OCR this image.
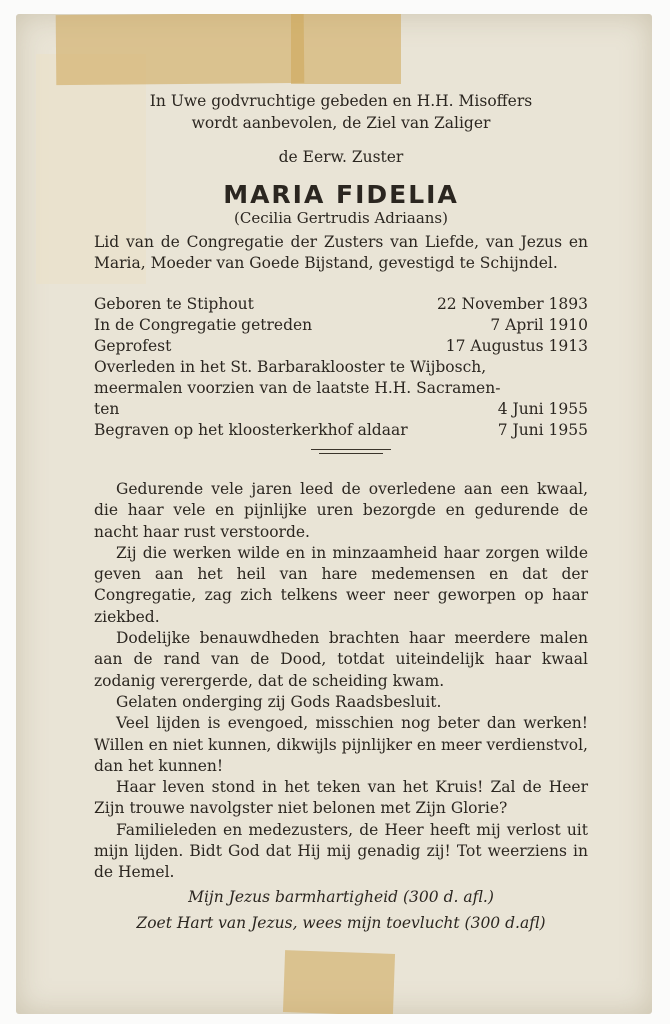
In Uwe godvruchtige gebeden en H.H. Misoffers
wordt aanbevolen, de Ziel van Zaliger
de Eerw. Zuster
MARIA FIDELIA
(Cecilia Gertrudis Adriaans)
Lid van de Congregatie der Zusters van Liefde, van Jezus en Maria, Moeder van Goede Bijstand, gevestigd te Schijndel.
Geboren te Stiphout	22 November 1893
In de Congregatie getreden	7 April 1910
Geprofest	17 Augustus 1913
Overleden in het St. Barbaraklooster te Wijbosch,
meermalen voorzien van de laatste H.H. Sacramen-
ten	4 Juni 1955
Begraven op het kloosterkerkhof aldaar	7 Juni 1955

Gedurende vele jaren leed de overledene aan een kwaal, die haar vele en pijnlijke uren bezorgde en gedurende de nacht haar rust verstoorde.

Zij die werken wilde en in minzaamheid haar zorgen wilde geven aan het heil van hare medemensen en dat der Congregatie, zag zich telkens weer neer geworpen op haar ziekbed.

Dodelijke benauwdheden brachten haar meerdere malen aan de rand van de Dood, totdat uiteindelijk haar kwaal zodanig verergerde, dat de scheiding kwam.

Gelaten onderging zij Gods Raadsbesluit.

Veel lijden is evengoed, misschien nog beter dan werken! Willen en niet kunnen, dikwijls pijnlijker en meer verdienstvol, dan het kunnen!

Haar leven stond in het teken van het Kruis! Zal de Heer Zijn trouwe navolgster niet belonen met Zijn Glorie?

Familieleden en medezusters, de Heer heeft mij verlost uit mijn lijden. Bidt God dat Hij mij genadig zij! Tot weerziens in de Hemel.

Mijn Jezus barmhartigheid (300 d. afl.)
Zoet Hart van Jezus, wees mijn toevlucht (300 d.afl)
